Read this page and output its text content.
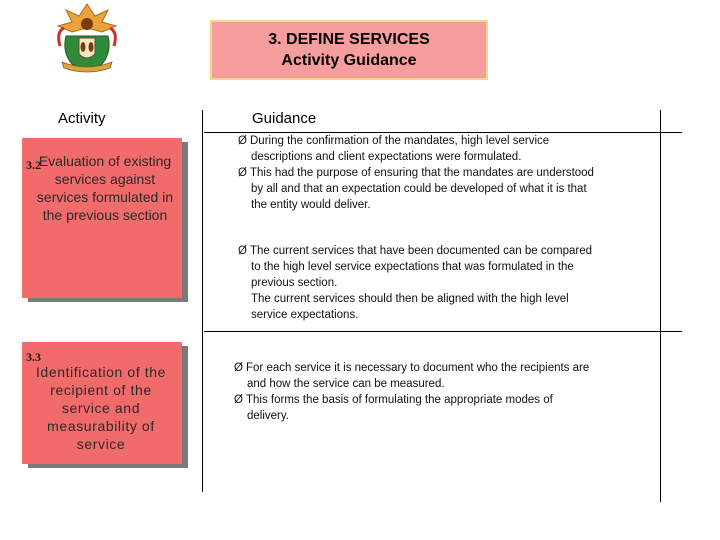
3. DEFINE SERVICES
Activity Guidance
Activity	Guidance
Evaluation of existing services against services formulated in the previous section
3.2
Identification of the recipient of the service and measurability of service
3.3

Ø During the confirmation of the mandates, high level service

descriptions and client expectations were formulated.

Ø This had the purpose of ensuring that the mandates are understood

by all and that an expectation could be developed of what it is that

the entity would deliver.

Ø The current services that have been documented can be compared

to the high level service expectations that was formulated in the

previous section.

The current services should then be aligned with the high level

service expectations.

Ø For each service it is necessary to document who the recipients are

and how the service can be measured.

Ø This forms the basis of formulating the appropriate modes of

delivery.
